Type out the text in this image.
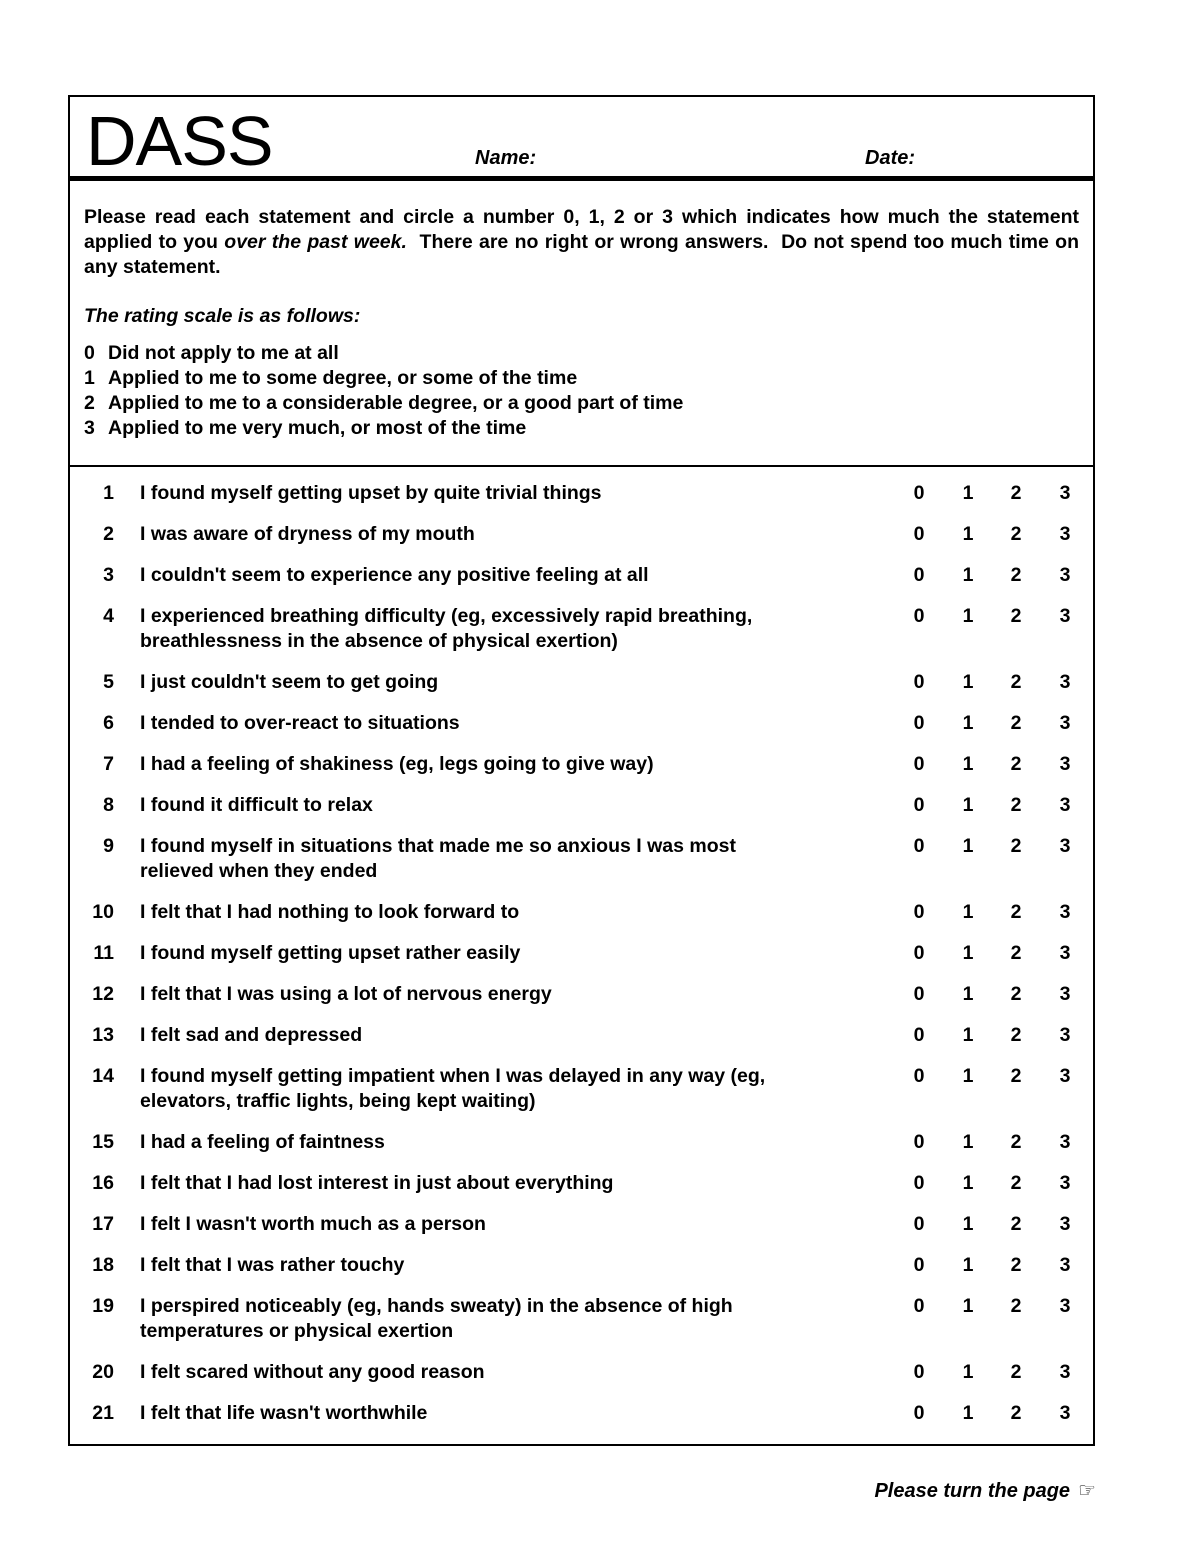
DASS	Name:	Date:

Please read each statement and circle a number 0, 1, 2 or 3 which indicates how much the statement applied to you over the past week.  There are no right or wrong answers.  Do not spend too much time on any statement.

The rating scale is as follows:

0 Did not apply to me at all
1 Applied to me to some degree, or some of the time
2 Applied to me to a considerable degree, or a good part of time
3 Applied to me very much, or most of the time
1 I found myself getting upset by quite trivial things	0	1	2	3
2 I was aware of dryness of my mouth	0	1	2	3
3 I couldn't seem to experience any positive feeling at all	0	1	2	3
4 I experienced breathing difficulty (eg, excessively rapid breathing, breathlessness in the absence of physical exertion)
0	1	2	3
5 I just couldn't seem to get going	0	1	2	3
6 I tended to over-react to situations	0	1	2	3
7 I had a feeling of shakiness (eg, legs going to give way)	0	1	2	3
8 I found it difficult to relax	0	1	2	3
9 I found myself in situations that made me so anxious I was most relieved when they ended
0	1	2	3
10 I felt that I had nothing to look forward to	0	1	2	3
11 I found myself getting upset rather easily	0	1	2	3
12 I felt that I was using a lot of nervous energy	0	1	2	3
13 I felt sad and depressed	0	1	2	3
14 I found myself getting impatient when I was delayed in any way (eg, elevators, traffic lights, being kept waiting)
0	1	2	3
15 I had a feeling of faintness	0	1	2	3
16 I felt that I had lost interest in just about everything	0	1	2	3
17 I felt I wasn't worth much as a person	0	1	2	3
18 I felt that I was rather touchy	0	1	2	3
19 I perspired noticeably (eg, hands sweaty) in the absence of high temperatures or physical exertion
0	1	2	3
20 I felt scared without any good reason	0	1	2	3
21 I felt that life wasn't worthwhile	0	1	2	3
Please turn the page ☞
